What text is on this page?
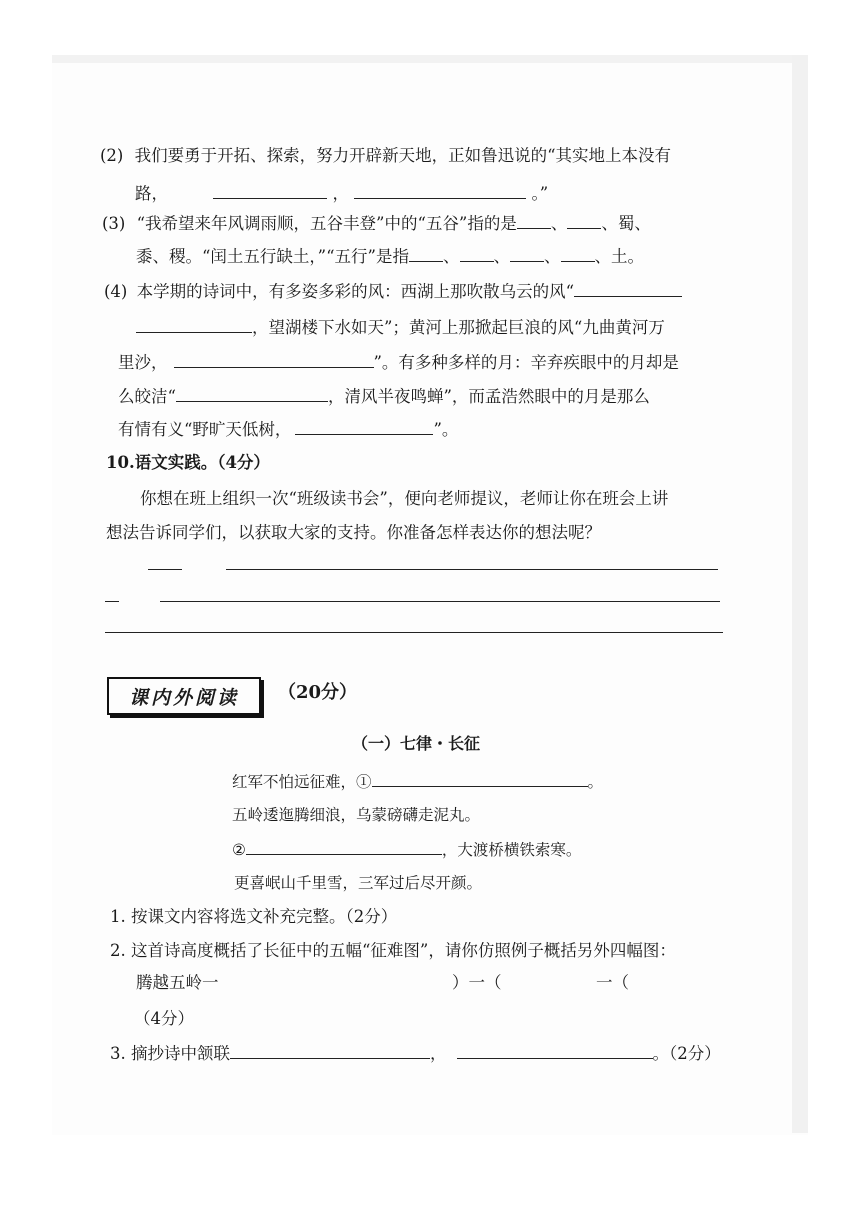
(2) 我们要勇于开拓、探索，努力开辟新天地，正如鲁迅说的“其实地上本没有
路，	，	。”
(3) “我希望来年风调雨顺，五谷丰登”中的“五谷”指的是 、 、蜀、
黍、稷。“闰土五行缺土，”“五行”是指 、 、 、 、土。
(4) 本学期的诗词中，有多姿多彩的风：西湖上那吹散乌云的风“
，望湖楼下水如天”；黄河上那掀起巨浪的风“九曲黄河万
里沙，	”。有多种多样的月：辛弃疾眼中的月却是
么皎洁“	，清风半夜鸣蝉”，而孟浩然眼中的月是那么
有情有义“野旷天低树，	”。
10.语文实践。（4分）
你想在班上组织一次“班级读书会”，便向老师提议，老师让你在班会上讲
想法告诉同学们，以获取大家的支持。你准备怎样表达你的想法呢？
课内外阅读 （20分）
（一）七律・长征
红军不怕远征难，①	。
五岭逶迤腾细浪，乌蒙磅礴走泥丸。
②	，大渡桥横铁索寒。
更喜岷山千里雪，三军过后尽开颜。
1. 按课文内容将选文补充完整。（2分）
2. 这首诗高度概括了长征中的五幅“征难图”，请你仿照例子概括另外四幅图：
腾越五岭一	）一（	一（
（4分）
3. 摘抄诗中颔联	，	。（2分）
